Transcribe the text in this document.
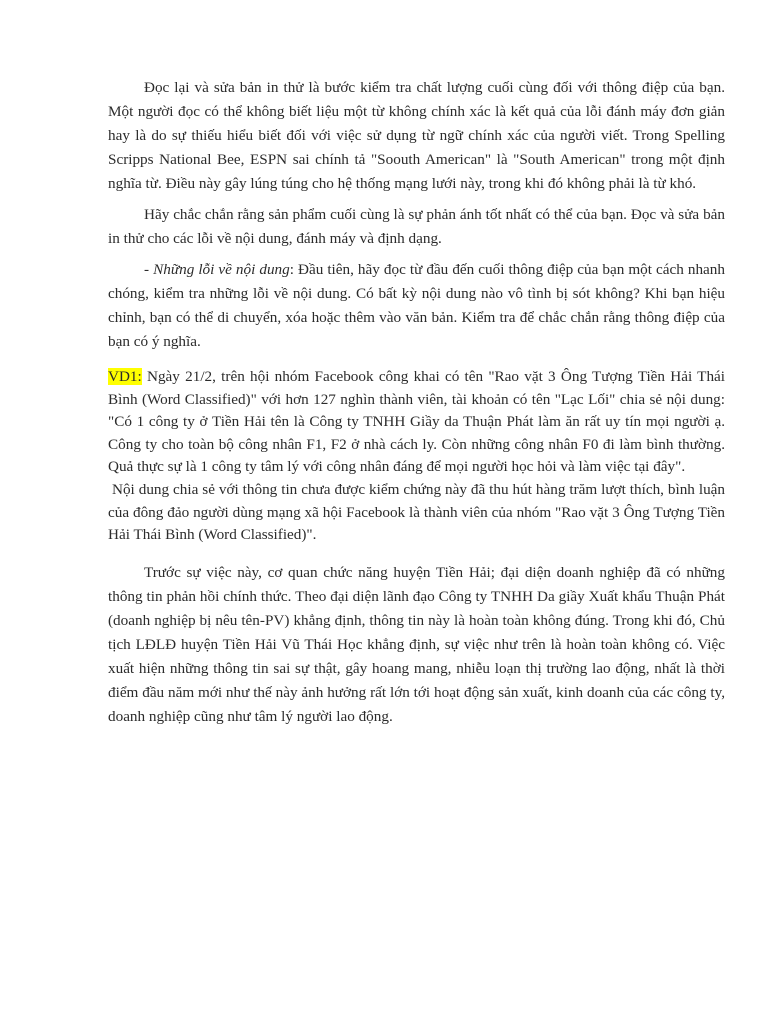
Đọc lại và sửa bản in thử là bước kiểm tra chất lượng cuối cùng đối với thông điệp của bạn. Một người đọc có thể không biết liệu một từ không chính xác là kết quả của lỗi đánh máy đơn giản hay là do sự thiếu hiểu biết đối với việc sử dụng từ ngữ chính xác của người viết. Trong Spelling Scripps National Bee, ESPN sai chính tả "Soouth American" là "South American" trong một định nghĩa từ. Điều này gây lúng túng cho hệ thống mạng lưới này, trong khi đó không phải là từ khó.

Hãy chắc chắn rằng sản phẩm cuối cùng là sự phản ánh tốt nhất có thể của bạn. Đọc và sửa bản in thử cho các lỗi về nội dung, đánh máy và định dạng.

- Những lỗi về nội dung: Đầu tiên, hãy đọc từ đầu đến cuối thông điệp của bạn một cách nhanh chóng, kiểm tra những lỗi về nội dung. Có bất kỳ nội dung nào vô tình bị sót không? Khi bạn hiệu chỉnh, bạn có thể di chuyển, xóa hoặc thêm vào văn bản. Kiểm tra để chắc chắn rằng thông điệp của bạn có ý nghĩa.

VD1: Ngày 21/2, trên hội nhóm Facebook công khai có tên "Rao vặt 3 Ông Tượng Tiền Hải Thái Bình (Word Classified)" với hơn 127 nghìn thành viên, tài khoản có tên "Lạc Lối" chia sẻ nội dung: "Có 1 công ty ở Tiền Hải tên là Công ty TNHH Giầy da Thuận Phát làm ăn rất uy tín mọi người ạ. Công ty cho toàn bộ công nhân F1, F2 ở nhà cách ly. Còn những công nhân F0 đi làm bình thường. Quả thực sự là 1 công ty tâm lý với công nhân đáng để mọi người học hỏi và làm việc tại đây".

Nội dung chia sẻ với thông tin chưa được kiểm chứng này đã thu hút hàng trăm lượt thích, bình luận của đông đảo người dùng mạng xã hội Facebook là thành viên của nhóm "Rao vặt 3 Ông Tượng Tiền Hải Thái Bình (Word Classified)".

Trước sự việc này, cơ quan chức năng huyện Tiền Hải; đại diện doanh nghiệp đã có những thông tin phản hồi chính thức. Theo đại diện lãnh đạo Công ty TNHH Da giầy Xuất khẩu Thuận Phát (doanh nghiệp bị nêu tên-PV) khẳng định, thông tin này là hoàn toàn không đúng. Trong khi đó, Chủ tịch LĐLĐ huyện Tiền Hải Vũ Thái Học khẳng định, sự việc như trên là hoàn toàn không có. Việc xuất hiện những thông tin sai sự thật, gây hoang mang, nhiễu loạn thị trường lao động, nhất là thời điểm đầu năm mới như thế này ảnh hưởng rất lớn tới hoạt động sản xuất, kinh doanh của các công ty, doanh nghiệp cũng như tâm lý người lao động.
